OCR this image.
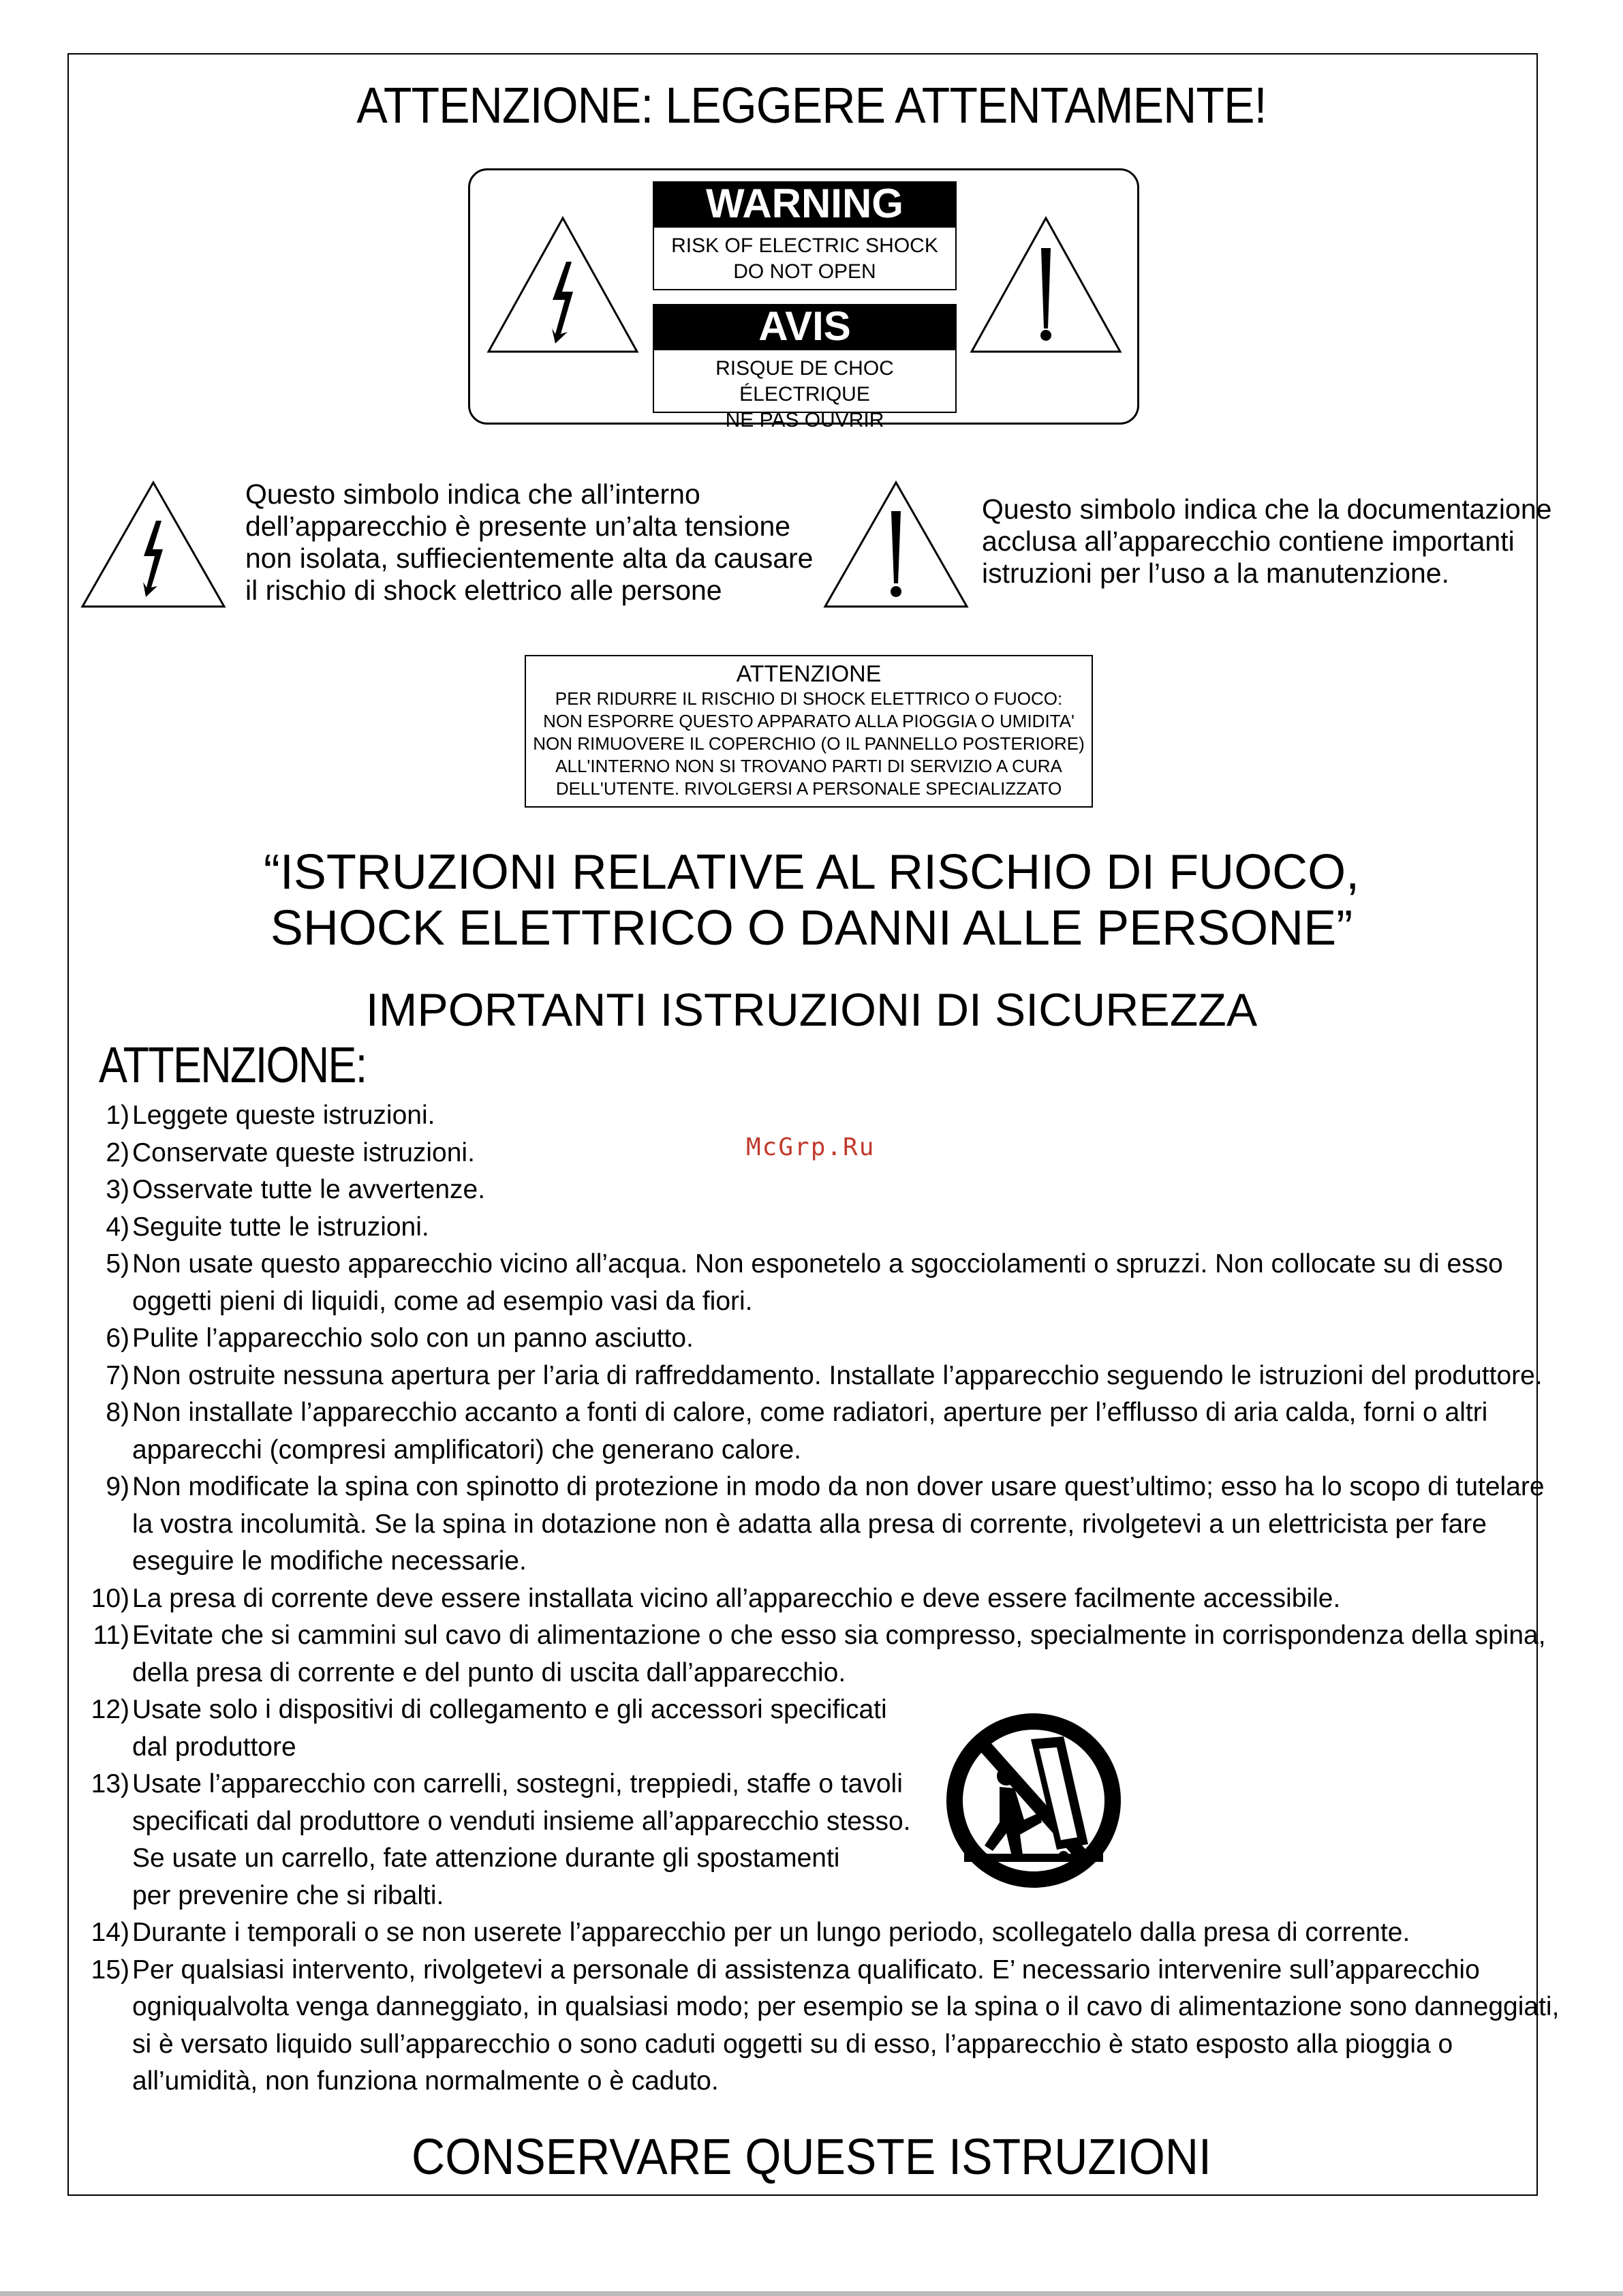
ATTENZIONE: LEGGERE ATTENTAMENTE!
WARNING
RISK OF ELECTRIC SHOCK
DO NOT OPEN
AVIS
RISQUE DE CHOC ÉLECTRIQUE
NE PAS OUVRIR
Questo simbolo indica che all’interno
dell’apparecchio è presente un’alta tensione
non isolata, suffiecientemente alta da causare
il rischio di shock elettrico alle persone
Questo simbolo indica che la documentazione
acclusa all’apparecchio contiene importanti
istruzioni per l’uso a la manutenzione.
ATTENZIONE
PER RIDURRE IL RISCHIO DI SHOCK ELETTRICO O FUOCO:
NON ESPORRE QUESTO APPARATO ALLA PIOGGIA O UMIDITA'
NON RIMUOVERE IL COPERCHIO (O IL PANNELLO POSTERIORE)
ALL'INTERNO NON SI TROVANO PARTI DI SERVIZIO A CURA
DELL'UTENTE. RIVOLGERSI A PERSONALE SPECIALIZZATO
“ISTRUZIONI RELATIVE AL RISCHIO DI FUOCO,
SHOCK ELETTRICO O DANNI ALLE PERSONE”
IMPORTANTI ISTRUZIONI DI SICUREZZA
ATTENZIONE:
McGrp.Ru
1) Leggete queste istruzioni.
2) Conservate queste istruzioni.
3) Osservate tutte le avvertenze.
4) Seguite tutte le istruzioni.
5) Non usate questo apparecchio vicino all’acqua. Non esponetelo a sgocciolamenti o spruzzi. Non collocate su di esso
oggetti pieni di liquidi, come ad esempio vasi da fiori.
6) Pulite l’apparecchio solo con un panno asciutto.
7) Non ostruite nessuna apertura per l’aria di raffreddamento. Installate l’apparecchio seguendo le istruzioni del produttore.
8) Non installate l’apparecchio accanto a fonti di calore, come radiatori, aperture per l’efflusso di aria calda, forni o altri
apparecchi (compresi amplificatori) che generano calore.
9) Non modificate la spina con spinotto di protezione in modo da non dover usare quest’ultimo; esso ha lo scopo di tutelare
la vostra incolumità. Se la spina in dotazione non è adatta alla presa di corrente, rivolgetevi a un elettricista per fare
eseguire le modifiche necessarie.
10) La presa di corrente deve essere installata vicino all’apparecchio e deve essere facilmente accessibile.
11) Evitate che si cammini sul cavo di alimentazione o che esso sia compresso, specialmente in corrispondenza della spina,
della presa di corrente e del punto di uscita dall’apparecchio.
12) Usate solo i dispositivi di collegamento e gli accessori specificati
dal produttore
13) Usate l’apparecchio con carrelli, sostegni, treppiedi, staffe o tavoli
specificati dal produttore o venduti insieme all’apparecchio stesso.
Se usate un carrello, fate attenzione durante gli spostamenti
per prevenire che si ribalti.
14) Durante i temporali o se non userete l’apparecchio per un lungo periodo, scollegatelo dalla presa di corrente.
15) Per qualsiasi intervento, rivolgetevi a personale di assistenza qualificato. E’ necessario intervenire sull’apparecchio
ogniqualvolta venga danneggiato, in qualsiasi modo; per esempio se la spina o il cavo di alimentazione sono danneggiati,
si è versato liquido sull’apparecchio o sono caduti oggetti su di esso, l’apparecchio è stato esposto alla pioggia o
all’umidità, non funziona normalmente o è caduto.
CONSERVARE QUESTE ISTRUZIONI
